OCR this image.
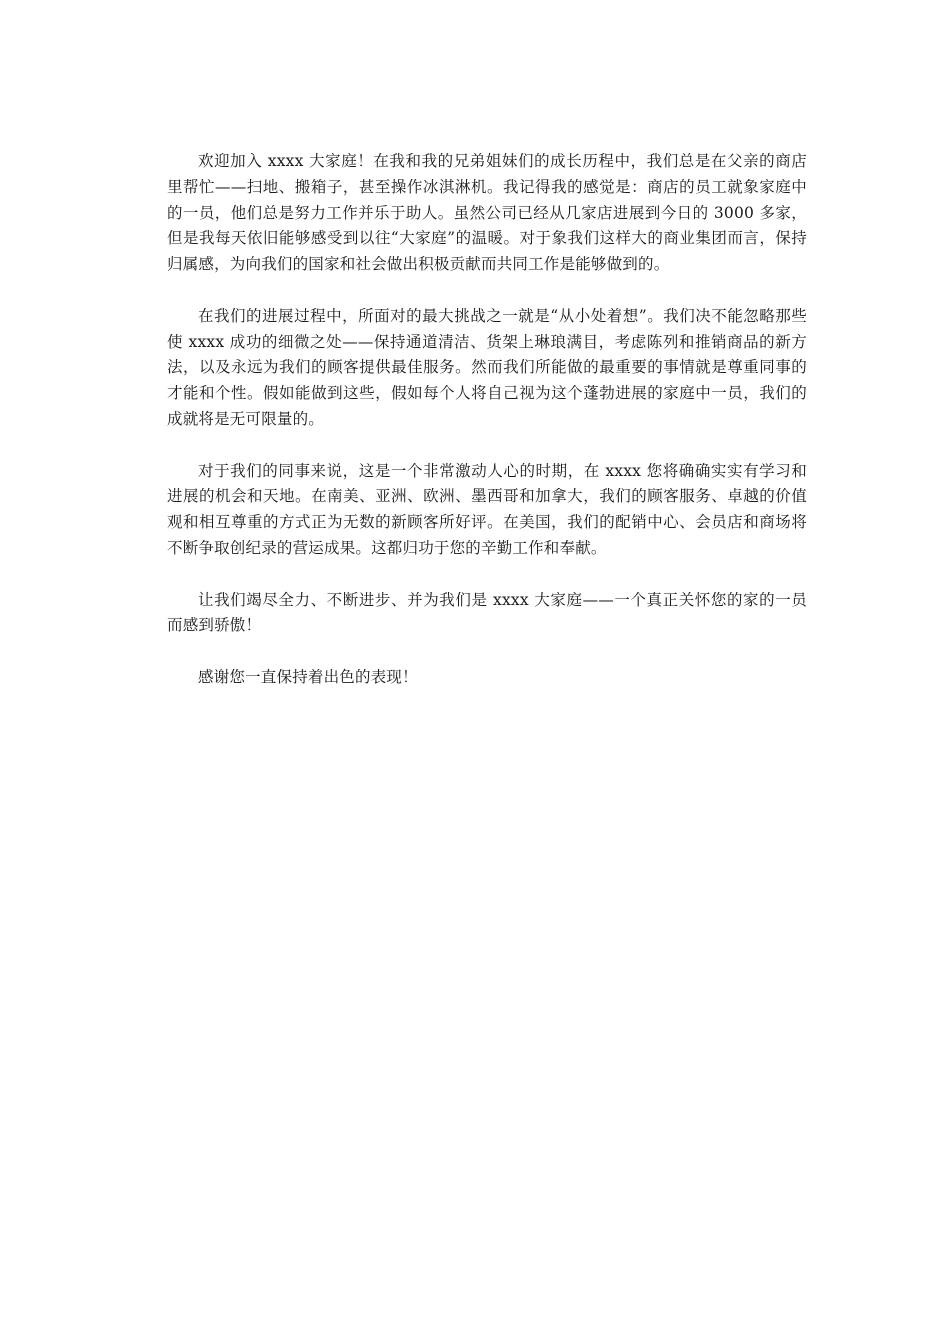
欢迎加入 xxxx 大家庭！在我和我的兄弟姐妹们的成长历程中，我们总是在父亲的商店里帮忙——扫地、搬箱子，甚至操作冰淇淋机。我记得我的感觉是：商店的员工就象家庭中的一员，他们总是努力工作并乐于助人。虽然公司已经从几家店进展到今日的 3000 多家，但是我每天依旧能够感受到以往“大家庭”的温暖。对于象我们这样大的商业集团而言，保持归属感，为向我们的国家和社会做出积极贡献而共同工作是能够做到的。

在我们的进展过程中，所面对的最大挑战之一就是“从小处着想”。我们决不能忽略那些使 xxxx 成功的细微之处——保持通道清洁、货架上琳琅满目，考虑陈列和推销商品的新方法，以及永远为我们的顾客提供最佳服务。然而我们所能做的最重要的事情就是尊重同事的才能和个性。假如能做到这些，假如每个人将自己视为这个蓬勃进展的家庭中一员，我们的成就将是无可限量的。

对于我们的同事来说，这是一个非常激动人心的时期，在 xxxx 您将确确实实有学习和进展的机会和天地。在南美、亚洲、欧洲、墨西哥和加拿大，我们的顾客服务、卓越的价值观和相互尊重的方式正为无数的新顾客所好评。在美国，我们的配销中心、会员店和商场将不断争取创纪录的营运成果。这都归功于您的辛勤工作和奉献。

让我们竭尽全力、不断进步、并为我们是 xxxx 大家庭——一个真正关怀您的家的一员而感到骄傲！

感谢您一直保持着出色的表现！
